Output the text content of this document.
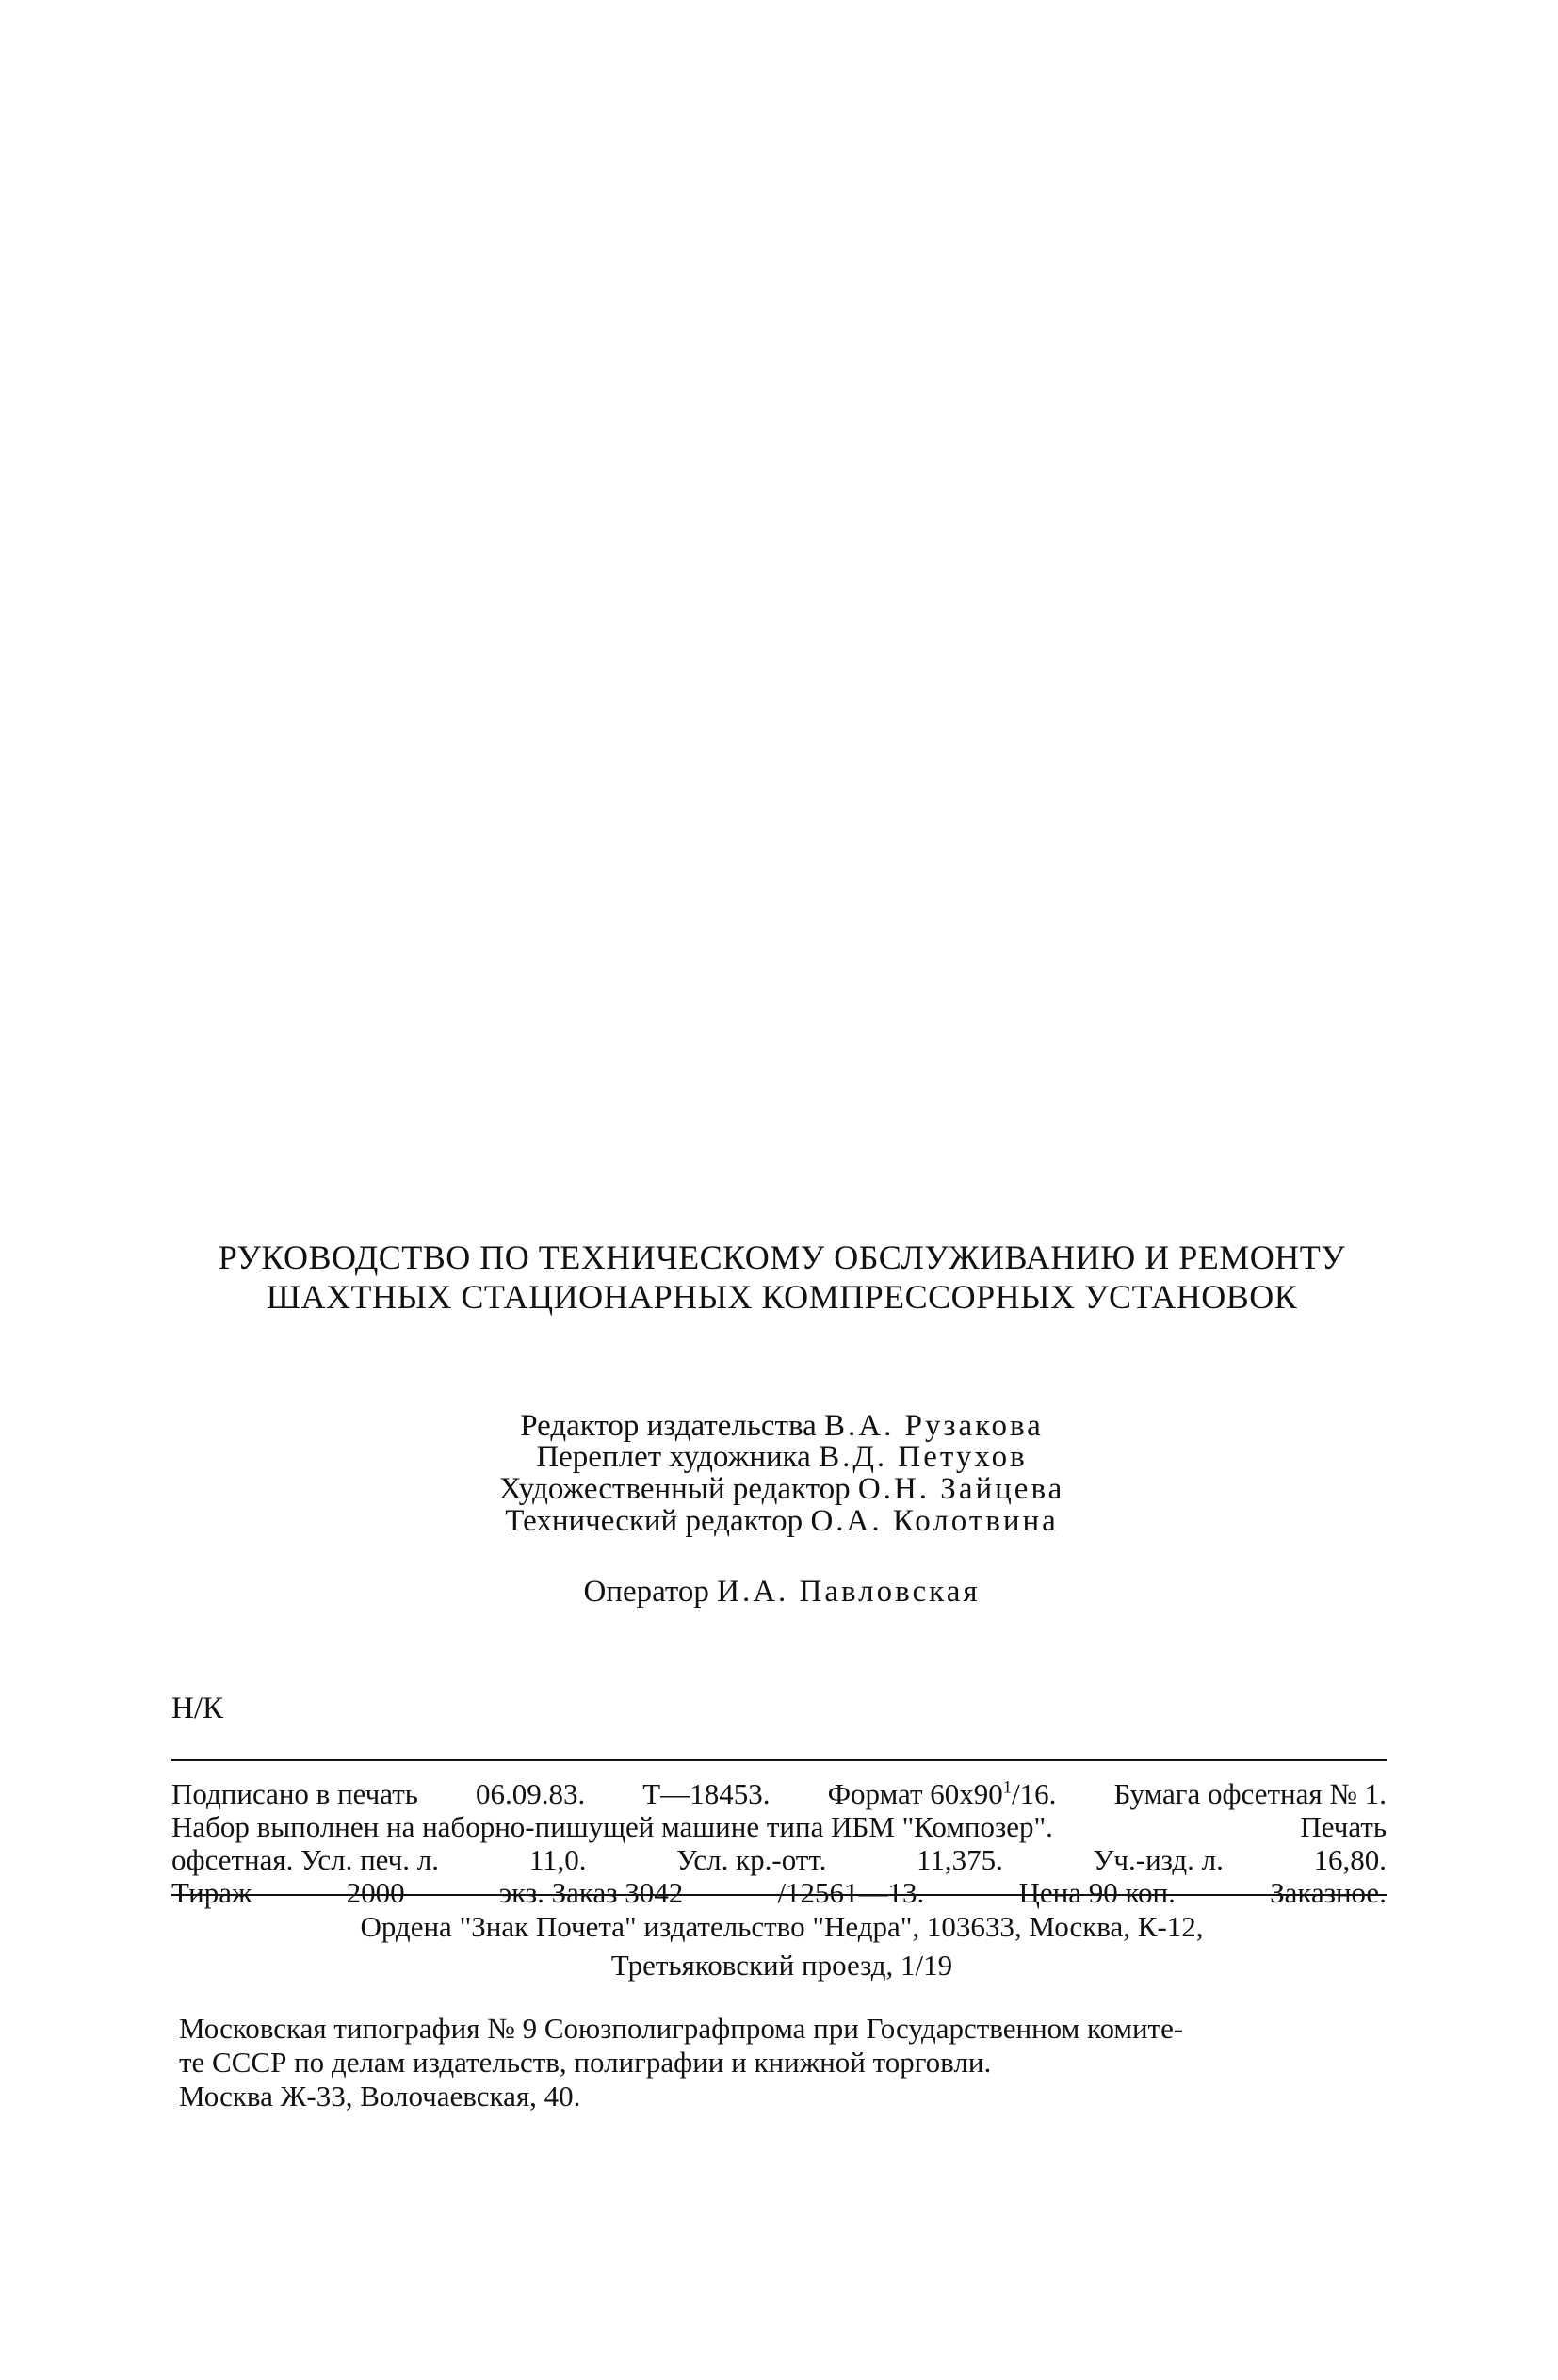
РУКОВОДСТВО ПО ТЕХНИЧЕСКОМУ ОБСЛУЖИВАНИЮ И РЕМОНТУ
ШАХТНЫХ СТАЦИОНАРНЫХ КОМПРЕССОРНЫХ УСТАНОВОК
Редактор издательства В.А. Рузакова
Переплет художника В.Д. Петухов
Художественный редактор О.Н. Зайцева
Технический редактор О.А. Колотвина
Оператор И.А. Павловская
Н/К
Подписано в печать 06.09.83. Т—18453. Формат $60x90^1/16$. Бумага офсетная № 1.
Набор выполнен на наборно-пишущей машине типа ИБМ "Композер".	Печать
офсетная. Усл. печ. л.	11,0.	Усл. кр.-отт.	11,375.	Уч.-изд. л.	16,80.
Тираж	2000	экз. Заказ 3042	/12561—13.	Цена 90 коп.	Заказное.
Ордена "Знак Почета" издательство "Недра", 103633, Москва, К-12,
Третьяковский проезд, 1/19
Московская типография № 9 Союзполиграфпрома при Государственном комите-
те СССР по делам издательств, полиграфии и книжной торговли.
Москва Ж-33, Волочаевская, 40.
